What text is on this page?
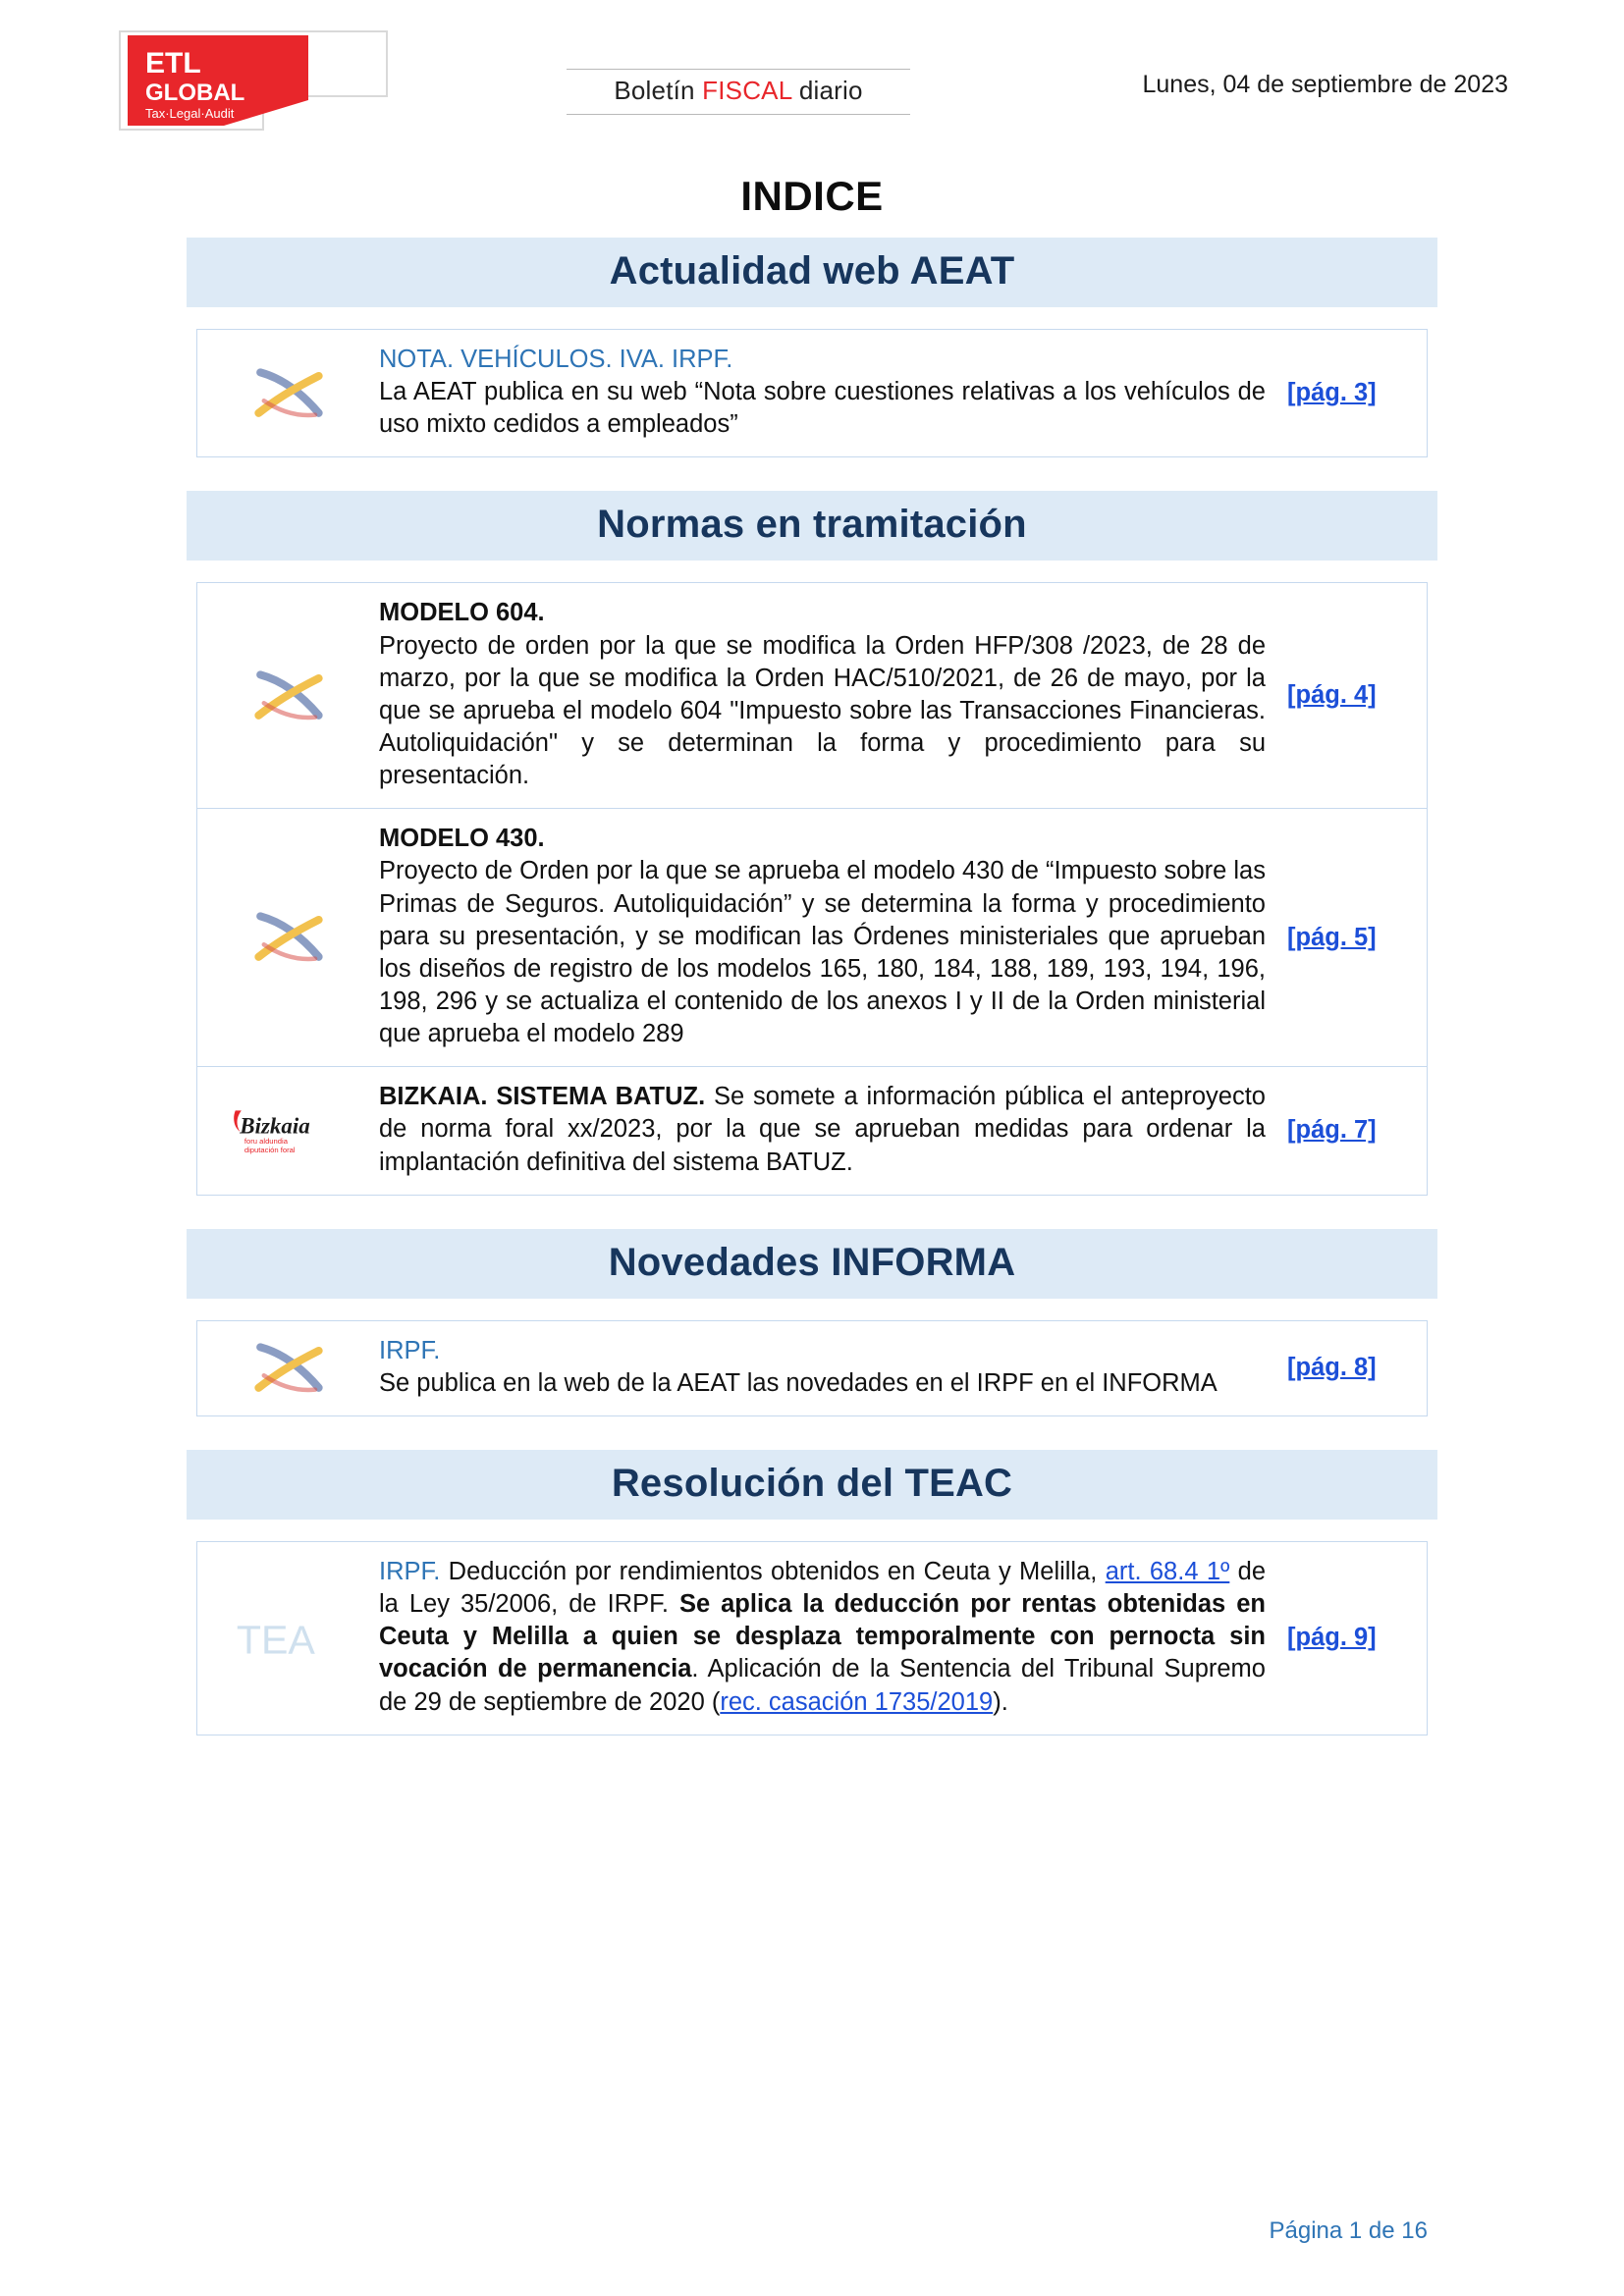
ETL
GLOBAL
Tax·Legal·Audit
Boletín FISCAL diario	Lunes, 04 de septiembre de 2023
INDICE
Actualidad web AEAT
NOTA. VEHÍCULOS. IVA. IRPF.
La AEAT publica en su web “Nota sobre cuestiones relativas a los vehículos de uso mixto cedidos a empleados”
[pág. 3]
Normas en tramitación
MODELO 604.
Proyecto de orden por la que se modifica la Orden HFP/308 /2023, de 28 de marzo, por la que se modifica la Orden HAC/510/2021, de 26 de mayo, por la que se aprueba el modelo 604 "Impuesto sobre las Transacciones Financieras. Autoliquidación" y se determinan la forma y procedimiento para su presentación.
[pág. 4]
MODELO 430.
Proyecto de Orden por la que se aprueba el modelo 430 de “Impuesto sobre las Primas de Seguros. Autoliquidación” y se determina la forma y procedimiento para su presentación, y se modifican las Órdenes ministeriales que aprueban los diseños de registro de los modelos 165, 180, 184, 188, 189, 193, 194, 196, 198, 296 y se actualiza el contenido de los anexos I y II de la Orden ministerial que aprueba el modelo 289
[pág. 5]
Bizkaia
foru aldundia
diputación foral
BIZKAIA. SISTEMA BATUZ. Se somete a información pública el anteproyecto de norma foral xx/2023, por la que se aprueban medidas para ordenar la implantación definitiva del sistema BATUZ.
[pág. 7]
Novedades INFORMA
IRPF.
Se publica en la web de la AEAT las novedades en el IRPF en el INFORMA
[pág. 8]
Resolución del TEAC
TEA
IRPF. Deducción por rendimientos obtenidos en Ceuta y Melilla, art. 68.4 1º de la Ley 35/2006, de IRPF. Se aplica la deducción por rentas obtenidas en Ceuta y Melilla a quien se desplaza temporalmente con pernocta sin vocación de permanencia. Aplicación de la Sentencia del Tribunal Supremo de 29 de septiembre de 2020 (rec. casación 1735/2019).
[pág. 9]
Página 1 de 16
